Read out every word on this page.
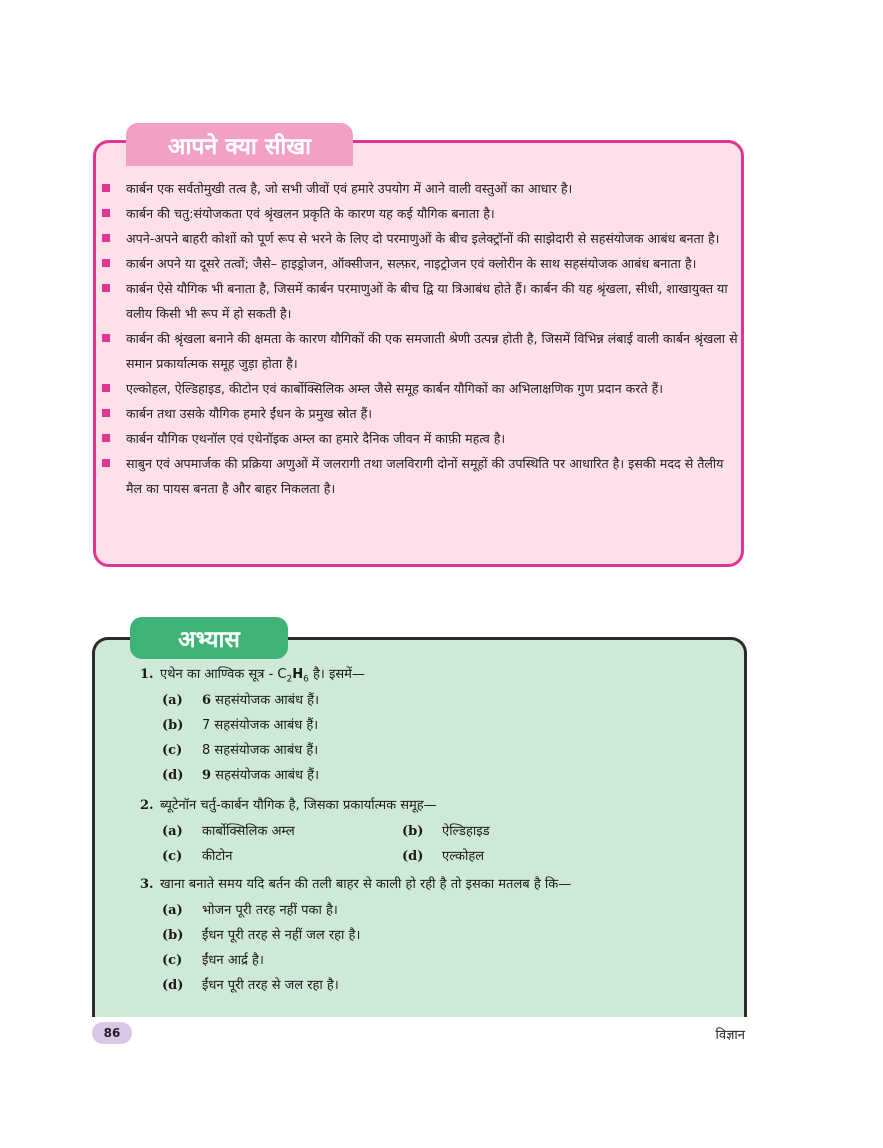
आपने क्या सीखा
कार्बन एक सर्वतोमुखी तत्व है, जो सभी जीवों एवं हमारे उपयोग में आने वाली वस्तुओं का आधार है।
कार्बन की चतु:संयोजकता एवं श्रृंखलन प्रकृति के कारण यह कई यौगिक बनाता है।
अपने-अपने बाहरी कोशों को पूर्ण रूप से भरने के लिए दो परमाणुओं के बीच इलेक्ट्रॉनों की साझेदारी से सहसंयोजक आबंध बनता है।
कार्बन अपने या दूसरे तत्वों; जैसे– हाइड्रोजन, ऑक्सीजन, सल्फ़र, नाइट्रोजन एवं क्लोरीन के साथ सहसंयोजक आबंध बनाता है।
कार्बन ऐसे यौगिक भी बनाता है, जिसमें कार्बन परमाणुओं के बीच द्वि या त्रिआबंध होते हैं। कार्बन की यह श्रृंखला, सीधी, शाखायुक्त या वलीय किसी भी रूप में हो सकती है।
कार्बन की श्रृंखला बनाने की क्षमता के कारण यौगिकों की एक समजाती श्रेणी उत्पन्न होती है, जिसमें विभिन्न लंबाई वाली कार्बन श्रृंखला से समान प्रकार्यात्मक समूह जुड़ा होता है।
एल्कोहल, ऐल्डिहाइड, कीटोन एवं कार्बोक्सिलिक अम्ल जैसे समूह कार्बन यौगिकों का अभिलाक्षणिक गुण प्रदान करते हैं।
कार्बन तथा उसके यौगिक हमारे ईंधन के प्रमुख स्रोत हैं।
कार्बन यौगिक एथनॉल एवं एथेनॉइक अम्ल का हमारे दैनिक जीवन में काफ़ी महत्व है।
साबुन एवं अपमार्जक की प्रक्रिया अणुओं में जलरागी तथा जलविरागी दोनों समूहों की उपस्थिति पर आधारित है। इसकी मदद से तैलीय मैल का पायस बनता है और बाहर निकलता है।
अभ्यास
1. एथेन का आण्विक सूत्र - $C_2H_6$ है। इसमें—
(a) 6 सहसंयोजक आबंध हैं।
(b) 7 सहसंयोजक आबंध हैं।
(c) 8 सहसंयोजक आबंध हैं।
(d) 9 सहसंयोजक आबंध हैं।
2. ब्यूटेनॉन चर्तु-कार्बन यौगिक है, जिसका प्रकार्यात्मक समूह—
(a) कार्बोक्सिलिक अम्ल	(b) ऐल्डिहाइड
(c) कीटोन	(d) एल्कोहल
3. खाना बनाते समय यदि बर्तन की तली बाहर से काली हो रही है तो इसका मतलब है कि—
(a) भोजन पूरी तरह नहीं पका है।
(b) ईंधन पूरी तरह से नहीं जल रहा है।
(c) ईंधन आर्द्र है।
(d) ईंधन पूरी तरह से जल रहा है।
86	विज्ञान
